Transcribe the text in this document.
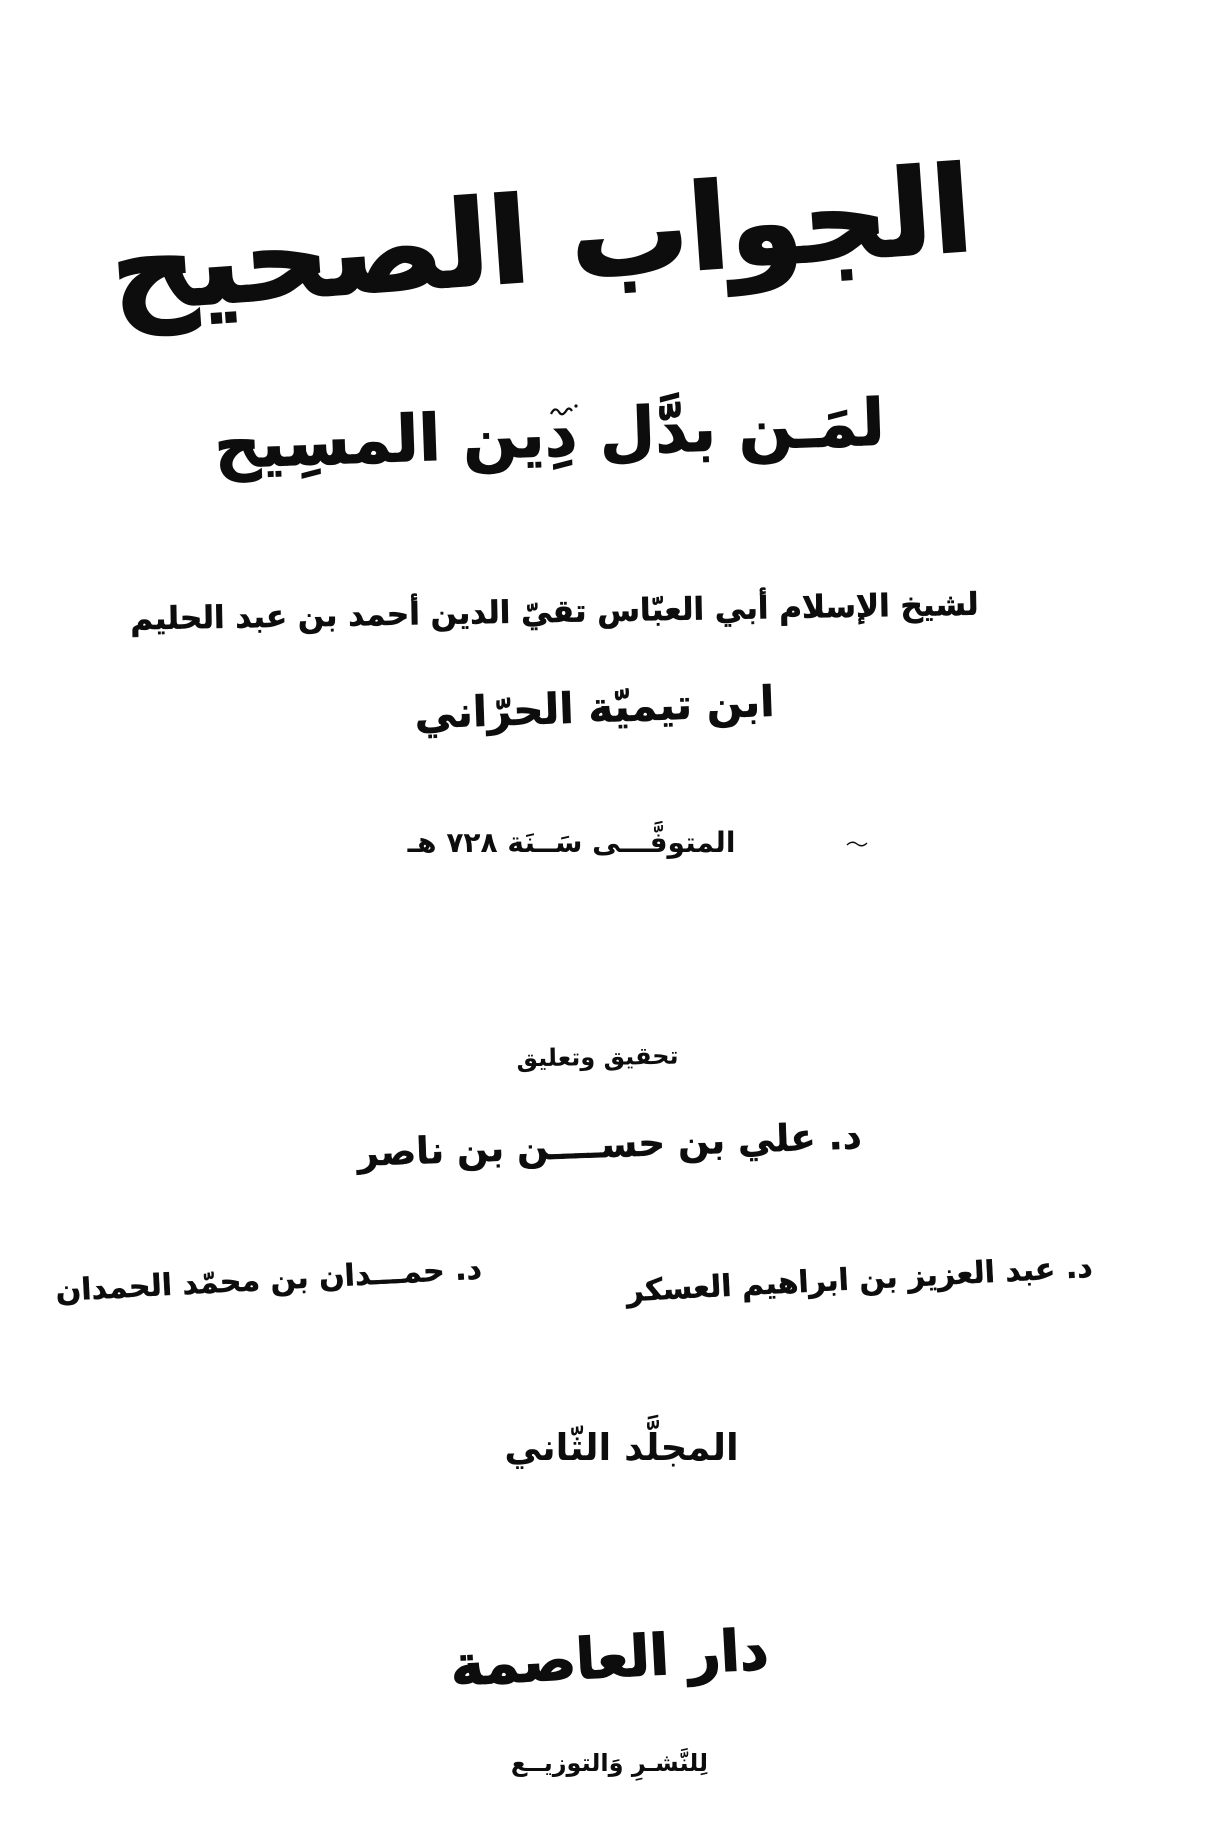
الجواب الصحيح
لمَـن بدَّل دِين المسِيح
لشيخ الإسلام أبي العبّاس تقيّ الدين أحمد بن عبد الحليم
ابن تيميّة الحرّاني
المتوفَّـــى سَــنَة ٧٢٨ هـ
تحقيق وتعليق
د. علي بن حســــن بن ناصر
د. عبد العزيز بن ابراهيم العسكر
د. حمـــدان بن محمّد الحمدان
المجلَّد الثّاني
دار العاصمة
لِلنَّشـرِ وَالتوزيــع
